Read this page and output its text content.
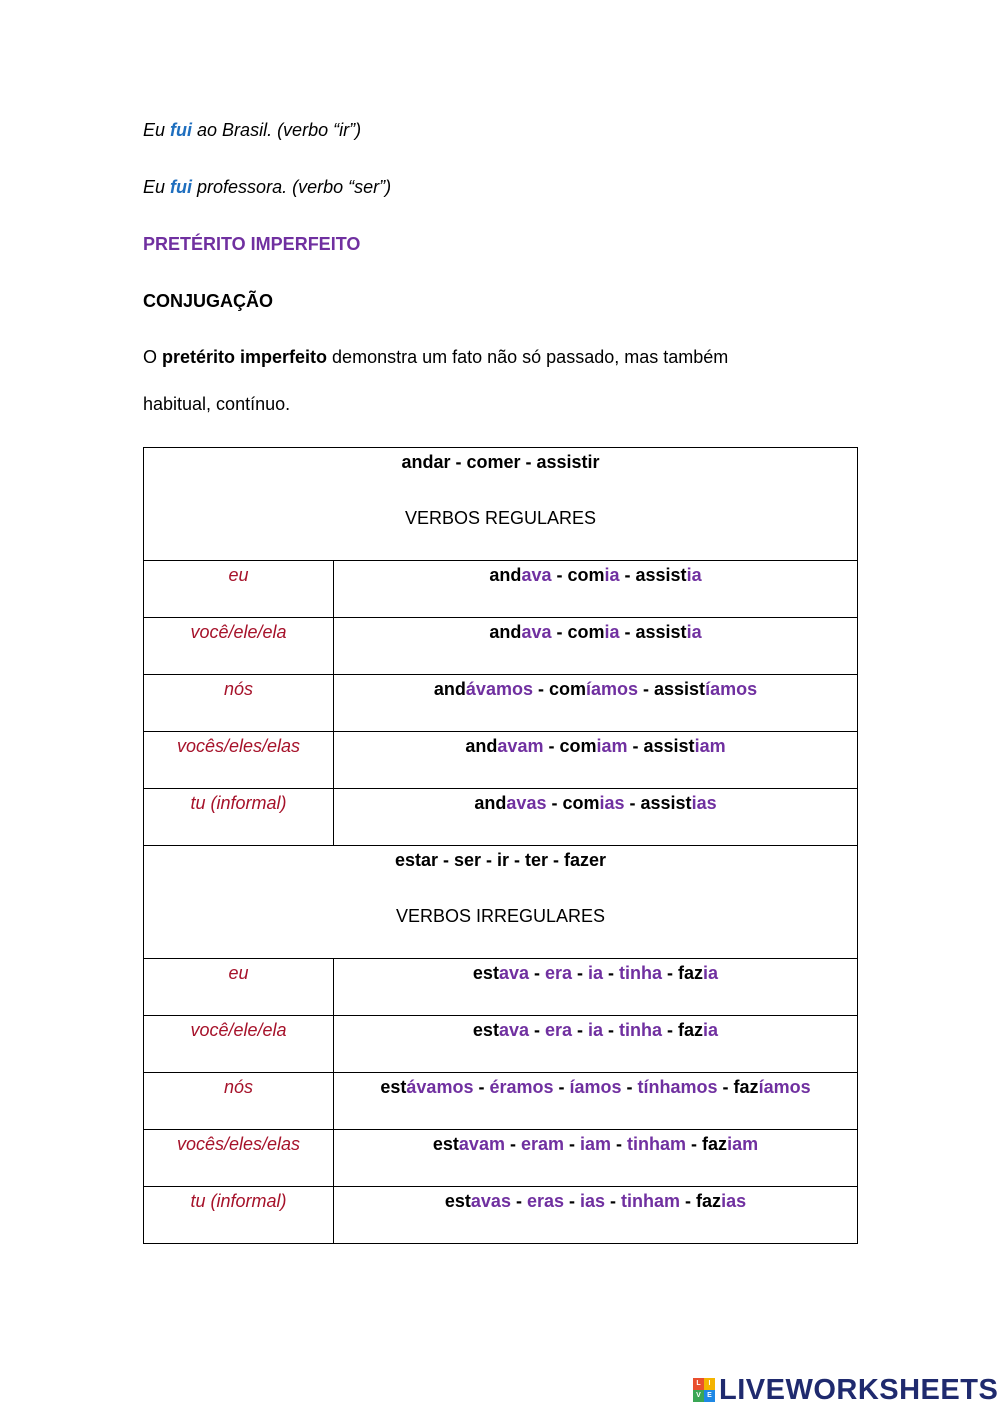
Eu fui ao Brasil. (verbo “ir”)

Eu fui professora. (verbo “ser”)

PRETÉRITO IMPERFEITO

CONJUGAÇÃO

O pretérito imperfeito demonstra um fato não só passado, mas também

habitual, contínuo.

andar - comer - assistir
VERBOS REGULARES	

eu	andava - comia - assistia

você/ele/ela	andava - comia - assistia

nós	andávamos - comíamos - assistíamos

vocês/eles/elas	andavam - comiam - assistiam

tu (informal)	andavas - comias - assistias

estar - ser - ir - ter - fazer
VERBOS IRREGULARES	

eu	estava - era - ia - tinha - fazia

você/ele/ela	estava - era - ia - tinha - fazia

nós	estávamos - éramos - íamos - tínhamos - fazíamos

vocês/eles/elas	estavam - eram - iam - tinham - faziam

tu (informal)	estavas - eras - ias - tinham - fazias
L	I
V E LIVEWORKSHEETS
